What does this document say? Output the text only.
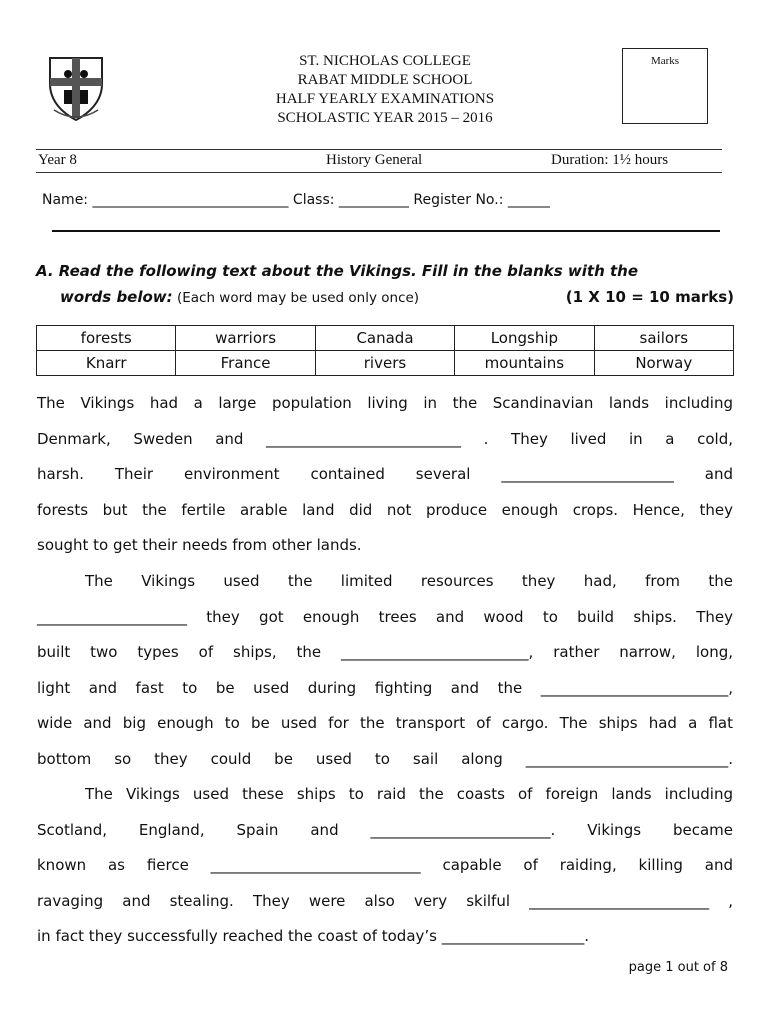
ST. NICHOLAS COLLEGE
RABAT MIDDLE SCHOOL
HALF YEARLY EXAMINATIONS
SCHOLASTIC YEAR 2015 – 2016
Marks
Year 8	History General	Duration: 1½ hours
Name: ____________________________ Class: __________ Register No.: ______
A. Read the following text about the Vikings. Fill in the blanks with the
words below: (Each word may be used only once)	(1 X 10 = 10 marks)
forests	warriors	Canada	Longship	sailors
Knarr	France	rivers	mountains	Norway
The Vikings had a large population living in the Scandinavian lands including
Denmark, Sweden and __________________________ . They lived in a cold,
harsh. Their environment contained several _______________________ and
forests but the fertile arable land did not produce enough crops. Hence, they
sought to get their needs from other lands.
The Vikings used the limited resources they had, from the
____________________ they got enough trees and wood to build ships. They
built two types of ships, the _________________________, rather narrow, long,
light and fast to be used during fighting and the _________________________,
wide and big enough to be used for the transport of cargo. The ships had a flat
bottom so they could be used to sail along ___________________________.
The Vikings used these ships to raid the coasts of foreign lands including
Scotland, England, Spain and ________________________. Vikings became
known as fierce ____________________________ capable of raiding, killing and
ravaging and stealing. They were also very skilful ________________________ ,
in fact they successfully reached the coast of today’s ___________________.
page 1 out of 8
